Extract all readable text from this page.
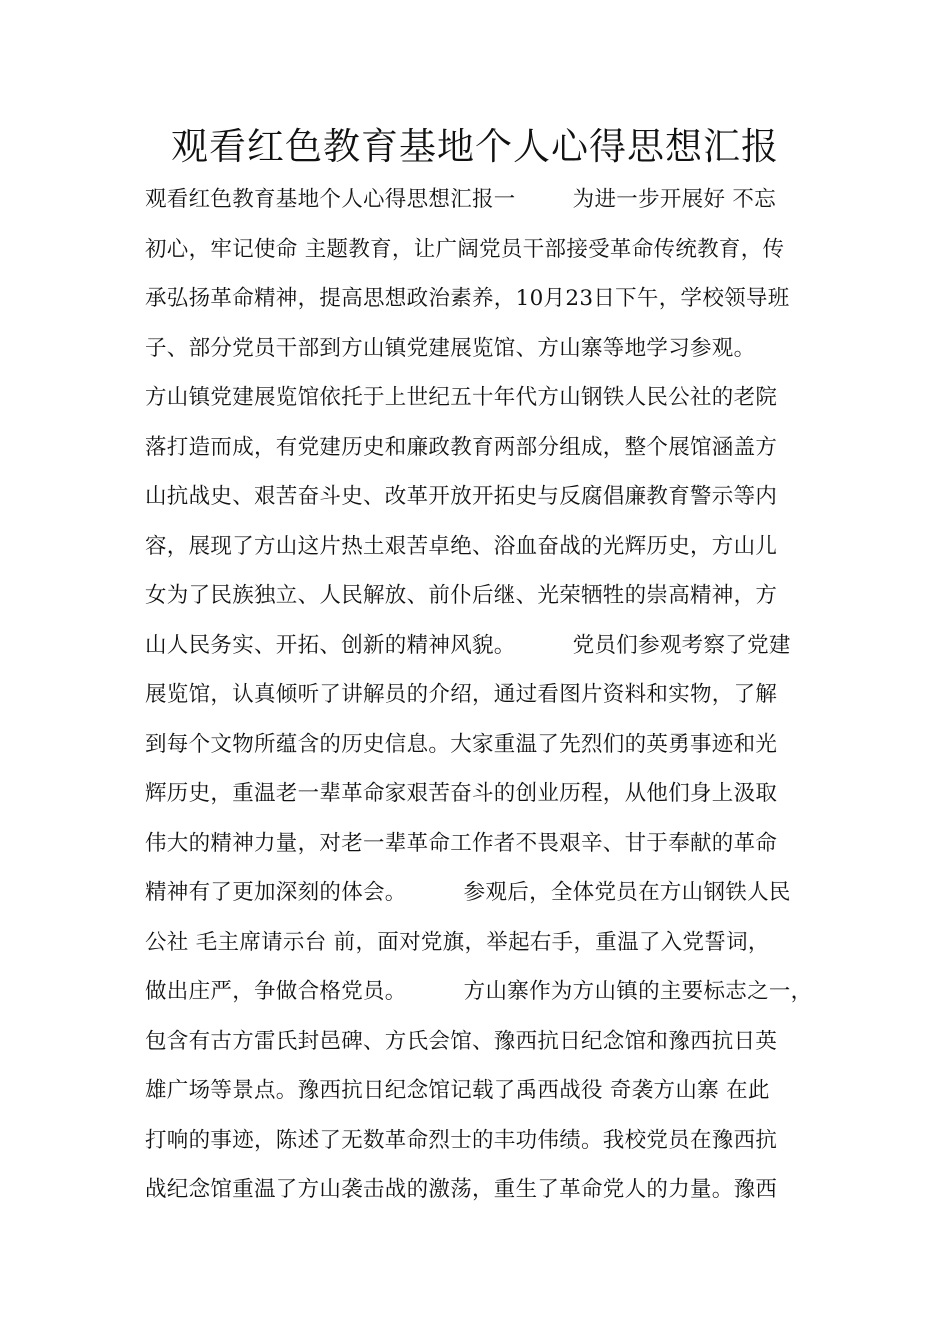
观看红色教育基地个人心得思想汇报
观看红色教育基地个人心得思想汇报一        为进一步开展好 不忘
初心，牢记使命 主题教育，让广阔党员干部接受革命传统教育，传
承弘扬革命精神，提高思想政治素养，10月23日下午，学校领导班
子、部分党员干部到方山镇党建展览馆、方山寨等地学习参观。
方山镇党建展览馆依托于上世纪五十年代方山钢铁人民公社的老院
落打造而成，有党建历史和廉政教育两部分组成，整个展馆涵盖方
山抗战史、艰苦奋斗史、改革开放开拓史与反腐倡廉教育警示等内
容，展现了方山这片热土艰苦卓绝、浴血奋战的光辉历史，方山儿
女为了民族独立、人民解放、前仆后继、光荣牺牲的崇高精神，方
山人民务实、开拓、创新的精神风貌。        党员们参观考察了党建
展览馆，认真倾听了讲解员的介绍，通过看图片资料和实物，了解
到每个文物所蕴含的历史信息。大家重温了先烈们的英勇事迹和光
辉历史，重温老一辈革命家艰苦奋斗的创业历程，从他们身上汲取
伟大的精神力量，对老一辈革命工作者不畏艰辛、甘于奉献的革命
精神有了更加深刻的体会。        参观后，全体党员在方山钢铁人民
公社 毛主席请示台 前，面对党旗，举起右手，重温了入党誓词，
做出庄严，争做合格党员。        方山寨作为方山镇的主要标志之一，
包含有古方雷氏封邑碑、方氏会馆、豫西抗日纪念馆和豫西抗日英
雄广场等景点。豫西抗日纪念馆记载了禹西战役 奇袭方山寨 在此
打响的事迹，陈述了无数革命烈士的丰功伟绩。我校党员在豫西抗
战纪念馆重温了方山袭击战的激荡，重生了革命党人的力量。豫西
